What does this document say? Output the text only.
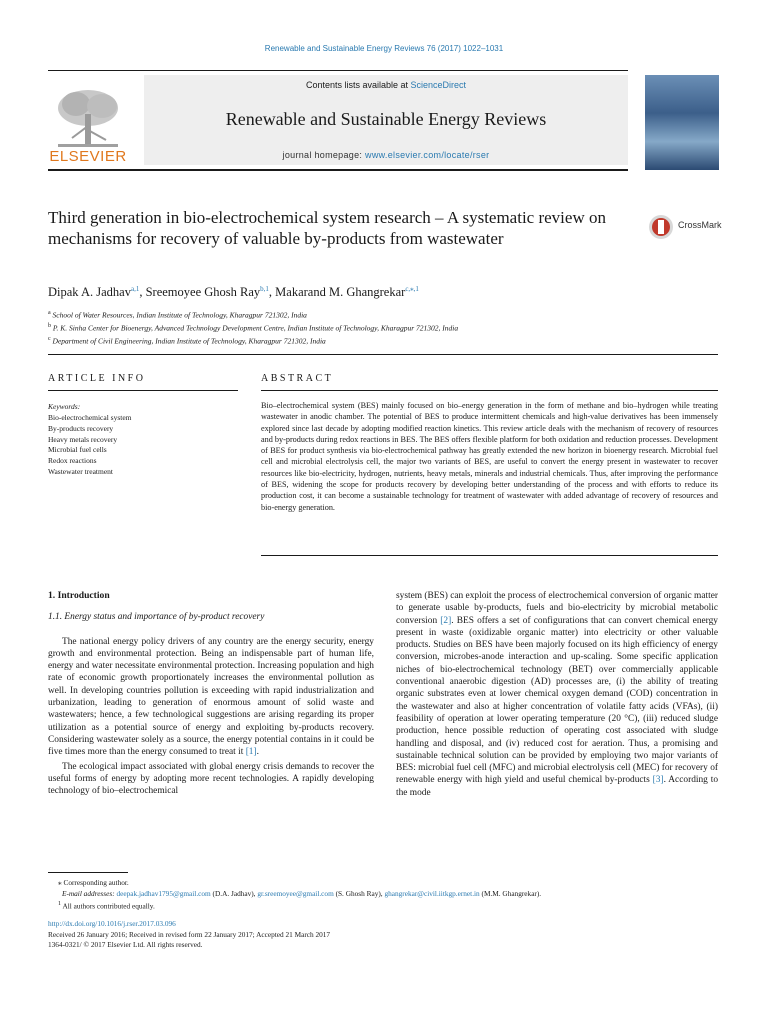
Renewable and Sustainable Energy Reviews 76 (2017) 1022–1031
ELSEVIER
Contents lists available at ScienceDirect
Renewable and Sustainable Energy Reviews
journal homepage: www.elsevier.com/locate/rser
Third generation in bio-electrochemical system research – A systematic review on mechanisms for recovery of valuable by-products from wastewater
CrossMark
Dipak A. Jadhav$^{a,1}$, Sreemoyee Ghosh Ray$^{b,1}$, Makarand M. Ghangrekar$^{c,⁎,1}$
$^a$ School of Water Resources, Indian Institute of Technology, Kharagpur 721302, India
$^b$ P. K. Sinha Center for Bioenergy, Advanced Technology Development Centre, Indian Institute of Technology, Kharagpur 721302, India
$^c$ Department of Civil Engineering, Indian Institute of Technology, Kharagpur 721302, India
ARTICLE INFO
Keywords:
Bio-electrochemical system
By-products recovery
Heavy metals recovery
Microbial fuel cells
Redox reactions
Wastewater treatment
ABSTRACT
Bio–electrochemical system (BES) mainly focused on bio–energy generation in the form of methane and bio–hydrogen while treating wastewater in anodic chamber. The potential of BES to produce intermittent chemicals and high-value derivatives has been immensely explored since last decade by adopting modified reaction kinetics. This review article deals with the mechanism of recovery of resources and by-products during redox reactions in BES. The BES offers flexible platform for both oxidation and reduction processes. Development of BES for product synthesis via bio-electrochemical pathway has greatly extended the new horizon in bioenergy research. Microbial fuel cell and microbial electrolysis cell, the major two variants of BES, are useful to convert the energy present in wastewater to recover resources like bio-electricity, hydrogen, nutrients, heavy metals, minerals and industrial chemicals. Thus, after improving the performance of BES, widening the scope for products recovery by developing better understanding of the process and with efforts to reduce its production cost, it can become a sustainable technology for treatment of wastewater with added advantage of recovery of resources and bio-energy generation.
1. Introduction
1.1. Energy status and importance of by-product recovery

The national energy policy drivers of any country are the energy security, energy growth and environmental protection. Being an indispensable part of human life, energy and water necessitate environmental protection. Increasing population and high rate of economic growth proportionately increases the environmental pollution as well. In developing countries pollution is exceeding with rapid industrialization and urbanization, leading to generation of enormous amount of solid waste and wastewaters; hence, a few technological suggestions are arising regarding its proper utilization as a potential source of energy and exploiting by-products recovery. Considering wastewater solely as a source, the energy potential contains in it could be five times more than the energy consumed to treat it [1].

The ecological impact associated with global energy crisis demands to recover the useful forms of energy by adopting more recent technologies. A rapidly developing technology of bio–electrochemical

system (BES) can exploit the process of electrochemical conversion of organic matter to generate usable by-products, fuels and bio-electricity by microbial metabolic conversion [2]. BES offers a set of configurations that can convert chemical energy present in waste (oxidizable organic matter) into electricity or other valuable products. Studies on BES have been majorly focused on its high efficiency of energy conversion, microbes-anode interaction and up-scaling. Some specific application niches of bio-electrochemical technology (BET) over commercially applicable conventional anaerobic digestion (AD) processes are, (i) the ability of treating organic substrates even at lower chemical oxygen demand (COD) concentration in the wastewater and also at higher concentration of volatile fatty acids (VFAs), (ii) feasibility of operation at lower operating temperature (20 °C), (iii) reduced sludge production, hence possible reduction of operating cost associated with sludge handling and disposal, and (iv) reduced cost for aeration. Thus, a promising and sustainable technical solution can be provided by employing two major variants of BES: microbial fuel cell (MFC) and microbial electrolysis cell (MEC) for recovery of renewable energy with high yield and useful chemical by-products [3]. According to the mode

⁎ Corresponding author.
E-mail addresses: deepak.jadhav1795@gmail.com (D.A. Jadhav), gr.sreemoyee@gmail.com (S. Ghosh Ray), ghangrekar@civil.iitkgp.ernet.in (M.M. Ghangrekar).
$^1$ All authors contributed equally.
http://dx.doi.org/10.1016/j.rser.2017.03.096
Received 26 January 2016; Received in revised form 22 January 2017; Accepted 21 March 2017
1364-0321/ © 2017 Elsevier Ltd. All rights reserved.
